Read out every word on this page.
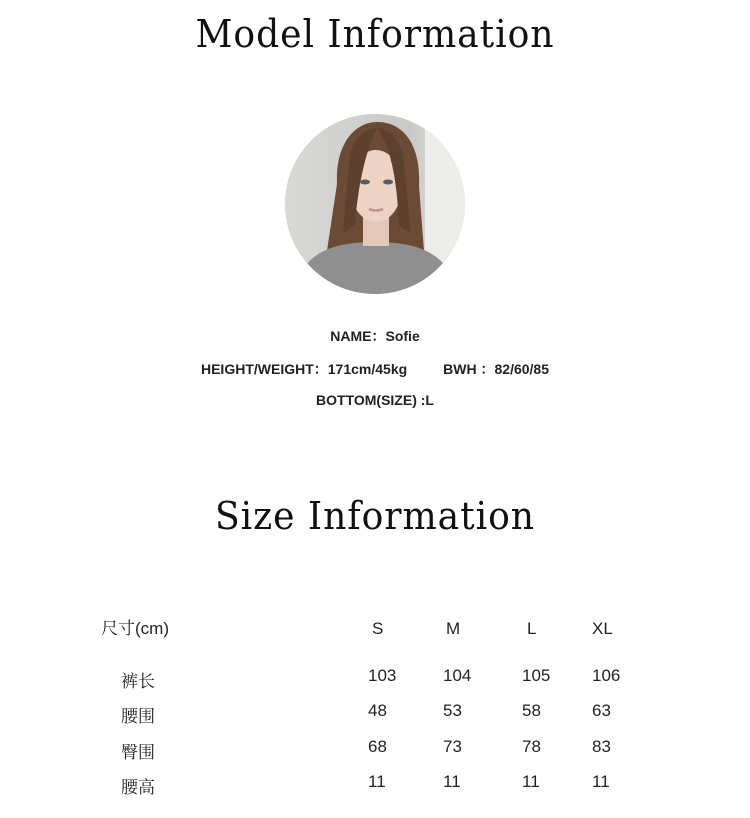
Model Information
NAME：Sofie
HEIGHT/WEIGHT：171cm/45kg	BWH ：82/60/85
BOTTOM(SIZE) :L
Size Information
尺寸(cm)	S	M	L	XL
裤长	103	104	105 106
腰围	48	53	58	63
臀围	68	73	78	83
腰高	11	11	11	11
